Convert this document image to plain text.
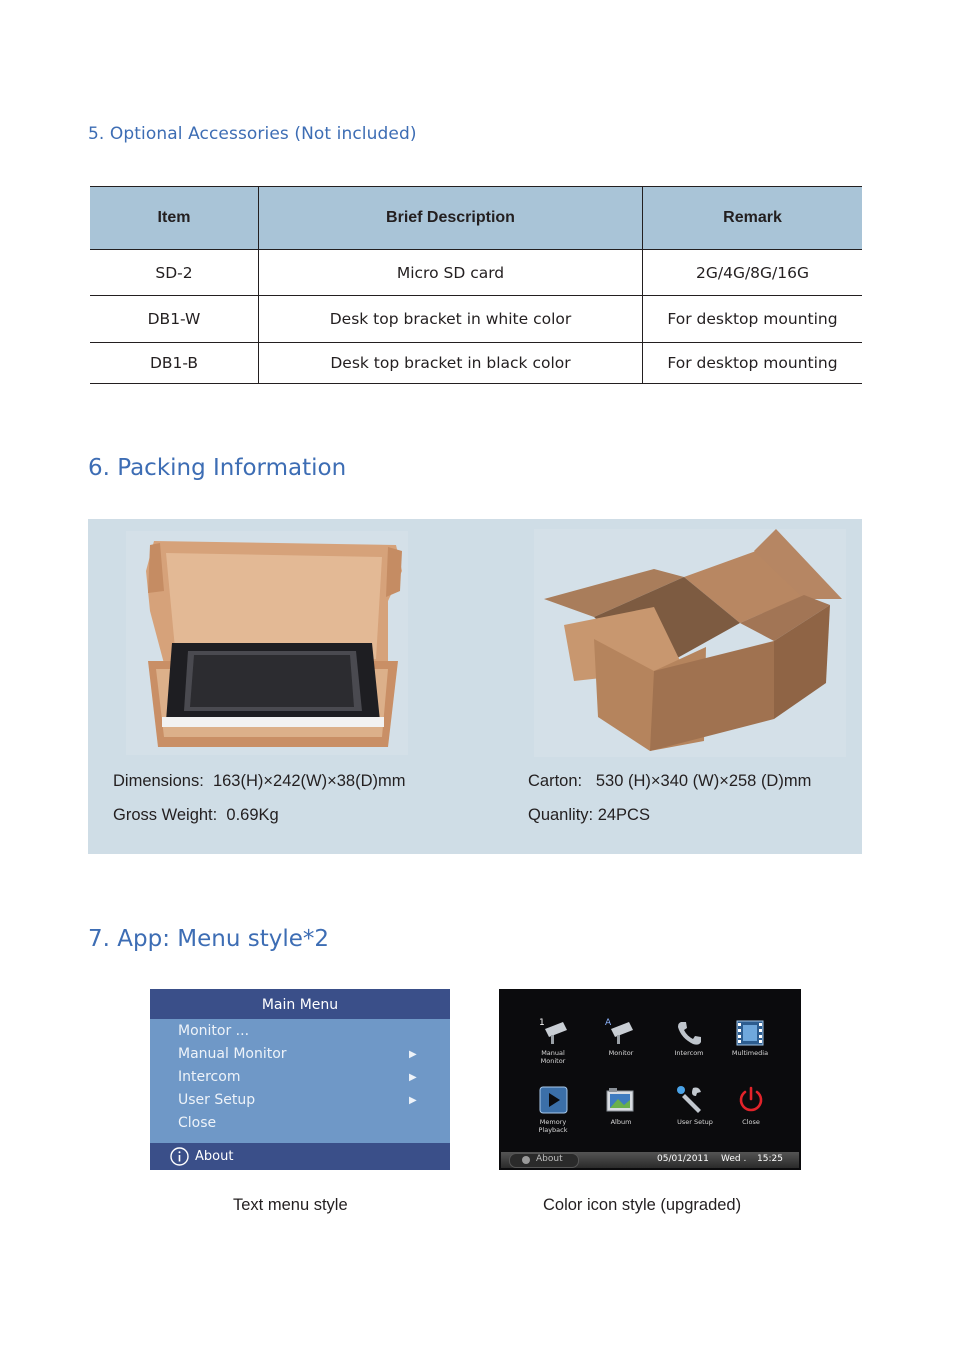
5. Optional Accessories (Not included)
Item	Brief Description	Remark
SD-2	Micro SD card	2G/4G/8G/16G
DB1-W	Desk top bracket in white color	For desktop mounting
DB1-B	Desk top bracket in black color	For desktop mounting
6. Packing Information
Dimensions:  163(H)×242(W)×38(D)mm
Gross Weight:  0.69Kg
Carton:   530 (H)×340 (W)×258 (D)mm
Quanlity: 24PCS
7. App: Menu style*2
Main Menu
Monitor ...
Manual Monitor	▶
Intercom	▶
User Setup	▶
Close
About
1
Manual
Monitor
A
Monitor	Intercom	Multimedia
Memory
Playback
Album	User Setup	Close
About	05/01/2011 Wed . 15:25
Text menu style	Color icon style (upgraded)
